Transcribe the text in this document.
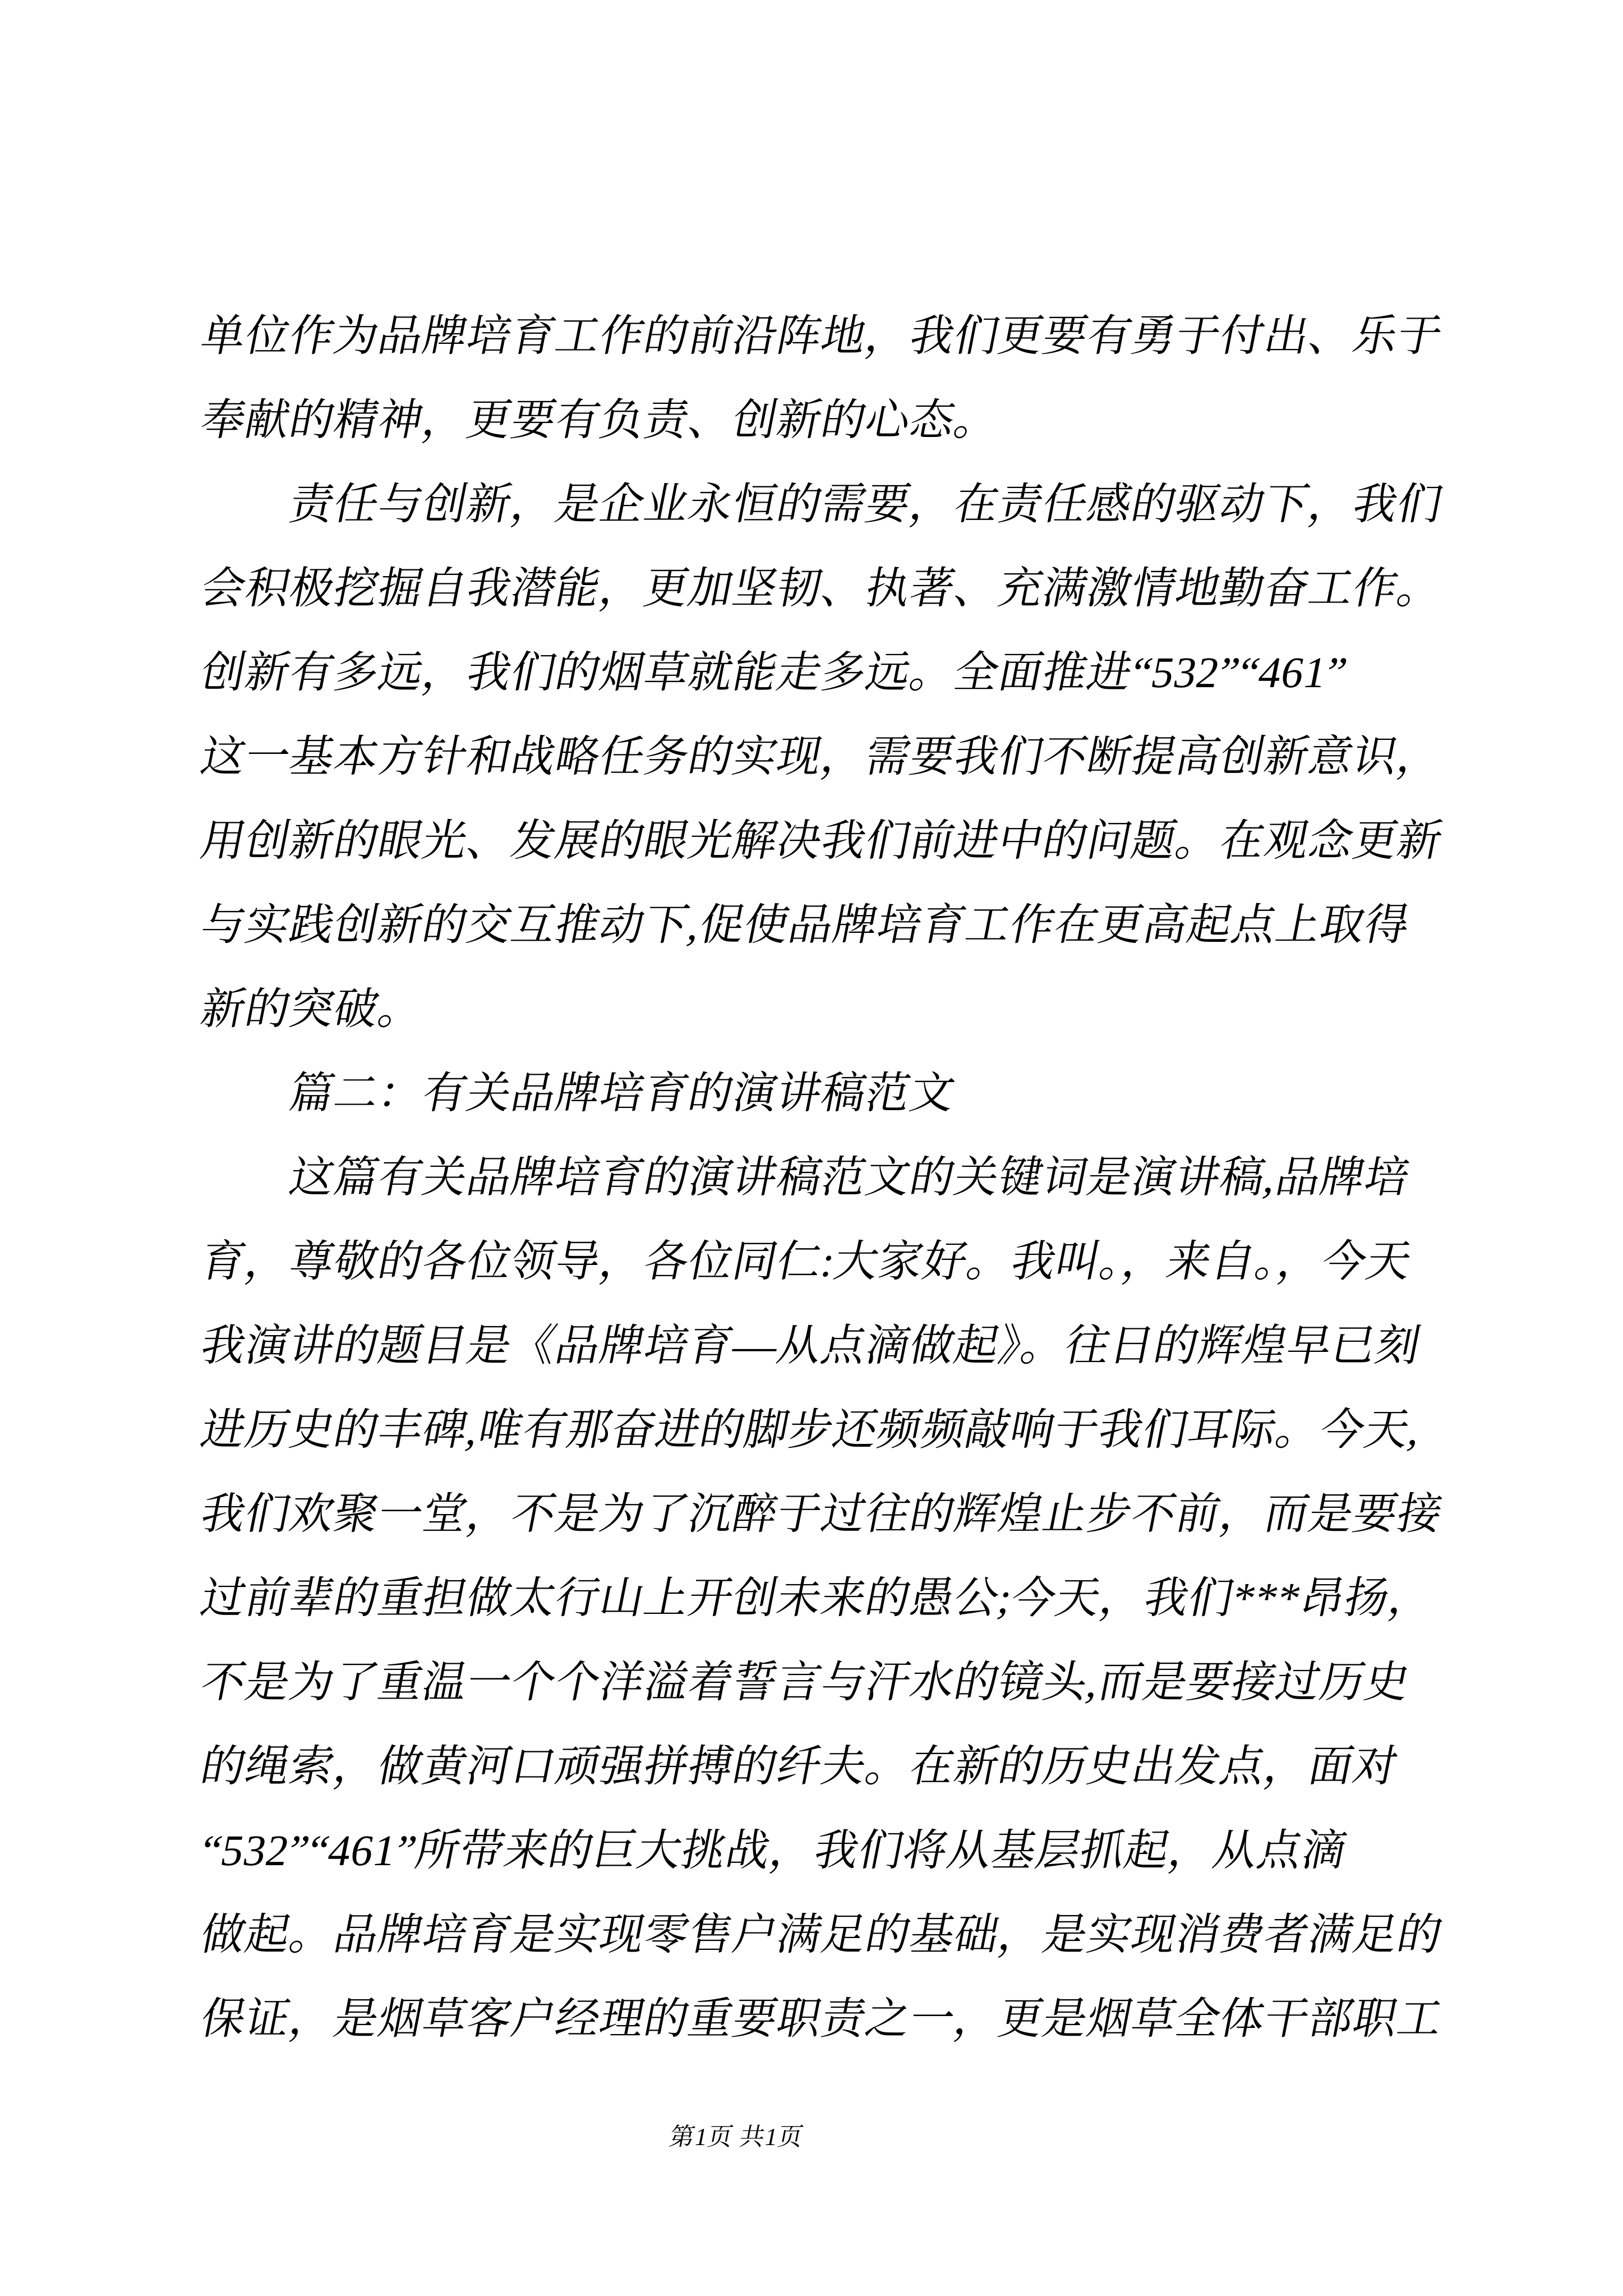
单位作为品牌培育工作的前沿阵地，我们更要有勇于付出、乐于
奉献的精神，更要有负责、创新的心态。
责任与创新，是企业永恒的需要，在责任感的驱动下，我们
会积极挖掘自我潜能，更加坚韧、执著、充满激情地勤奋工作。
创新有多远，我们的烟草就能走多远。全面推进“532”“461”
这一基本方针和战略任务的实现，需要我们不断提高创新意识，
用创新的眼光、发展的眼光解决我们前进中的问题。在观念更新
与实践创新的交互推动下,促使品牌培育工作在更高起点上取得
新的突破。
篇二：有关品牌培育的演讲稿范文
这篇有关品牌培育的演讲稿范文的关键词是演讲稿,品牌培
育，尊敬的各位领导，各位同仁:大家好。我叫。，来自。，今天
我演讲的题目是《品牌培育—从点滴做起》。往日的辉煌早已刻
进历史的丰碑,唯有那奋进的脚步还频频敲响于我们耳际。今天,
我们欢聚一堂，不是为了沉醉于过往的辉煌止步不前，而是要接
过前辈的重担做太行山上开创未来的愚公;今天，我们***昂扬，
不是为了重温一个个洋溢着誓言与汗水的镜头,而是要接过历史
的绳索，做黄河口顽强拼搏的纤夫。在新的历史出发点，面对
“532”“461”所带来的巨大挑战，我们将从基层抓起，从点滴
做起。品牌培育是实现零售户满足的基础，是实现消费者满足的
保证，是烟草客户经理的重要职责之一，更是烟草全体干部职工
第1页 共1页
